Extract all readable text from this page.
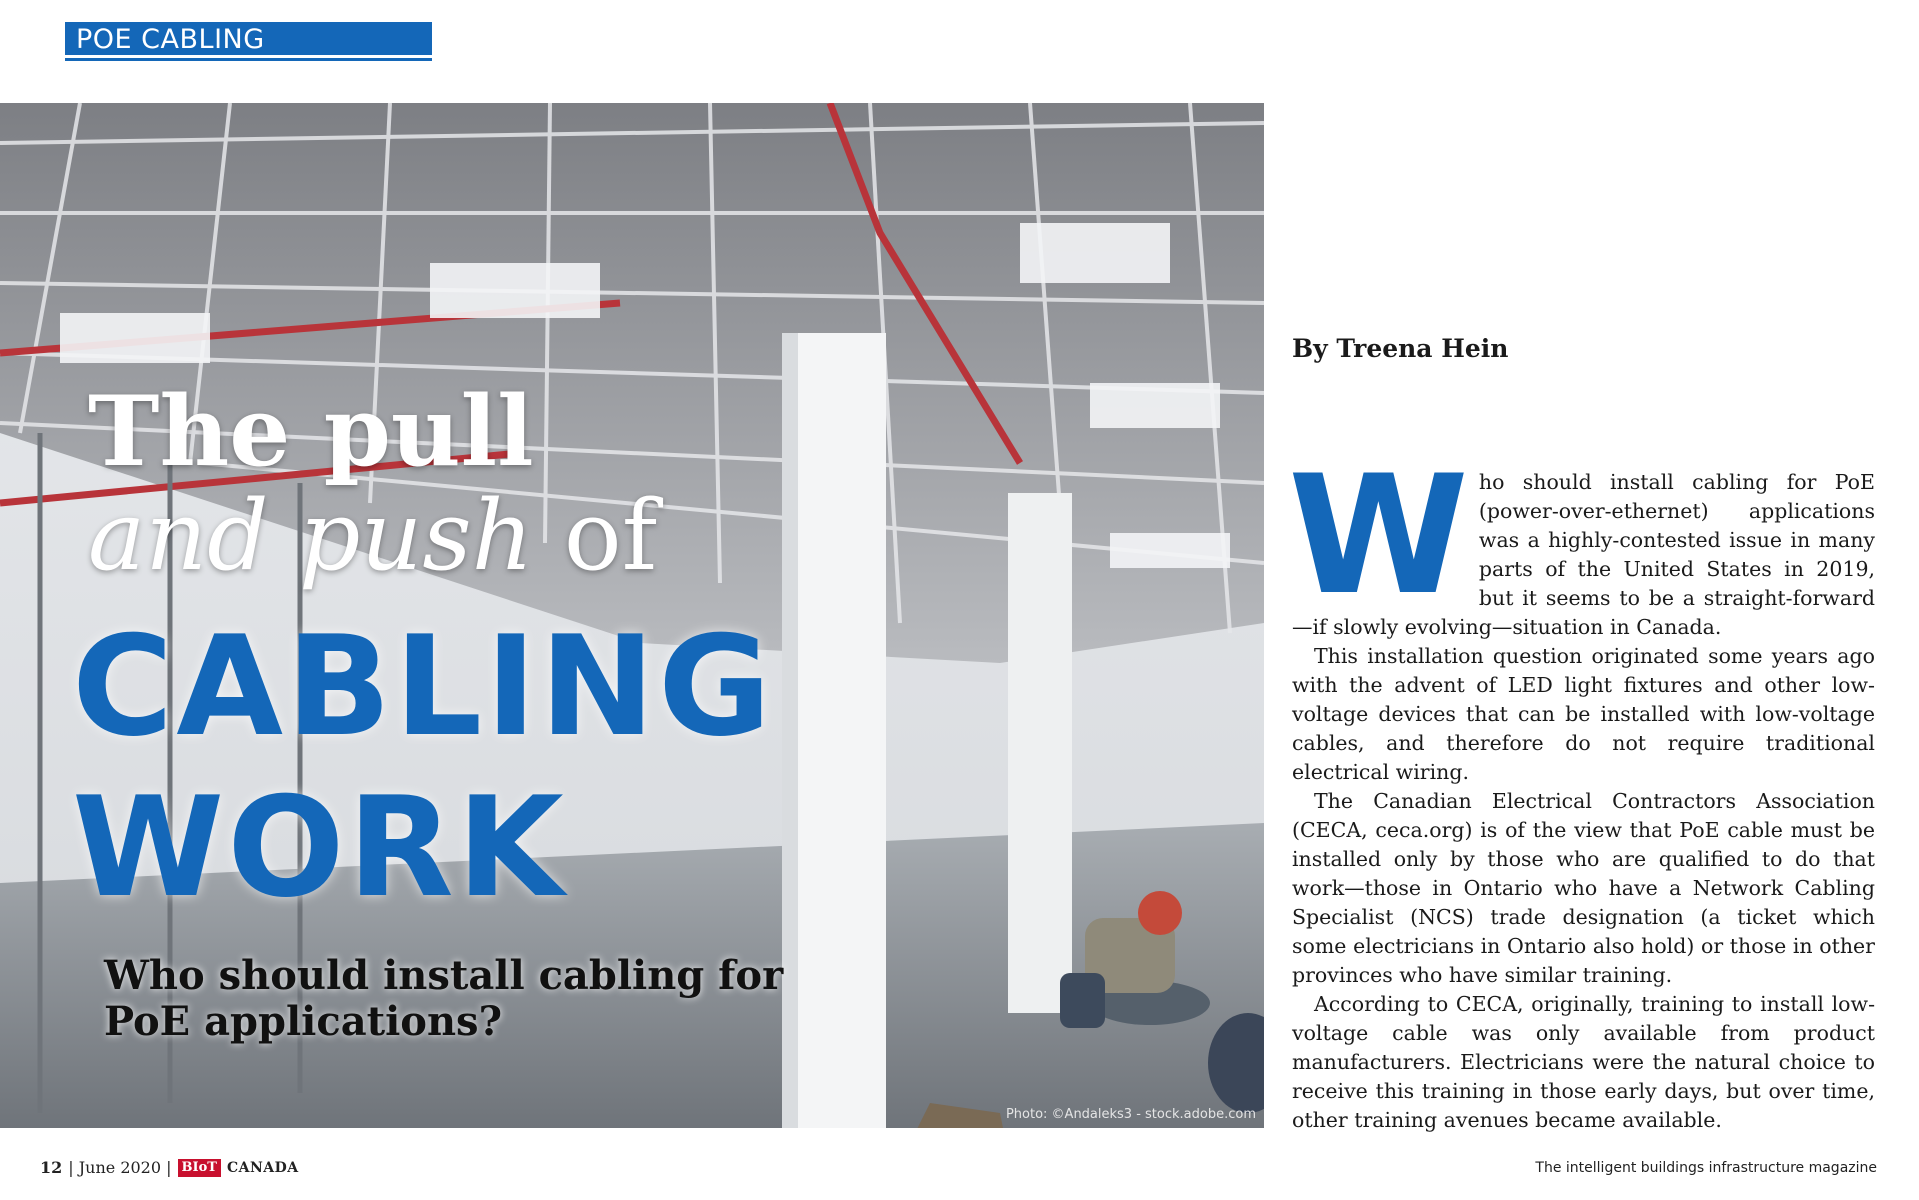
POE CABLING
Photo: ©Andaleks3 - stock.adobe.com
The pull
and push of
CABLING
WORK
Who should install cabling for PoE applications?
By Treena Hein

Who should install cabling for PoE (power-over-ethernet) applications was a highly-contested issue in many parts of the United States in 2019, but it seems to be a straight-forward—if slowly evolving—situation in Canada.

This installation question originated some years ago with the advent of LED light fixtures and other low-voltage devices that can be installed with low-voltage cables, and therefore do not require traditional electrical wiring.

The Canadian Electrical Contractors Association (CECA, ceca.org) is of the view that PoE cable must be installed only by those who are qualified to do that work—those in Ontario who have a Network Cabling Specialist (NCS) trade designation (a ticket which some electricians in Ontario also hold) or those in other provinces who have similar training.

According to CECA, originally, training to install low-voltage cable was only available from product manufacturers. Electricians were the natural choice to receive this training in those early days, but over time, other training avenues became available.

12 | June 2020 | BIoT CANADA	The intelligent buildings infrastructure magazine
